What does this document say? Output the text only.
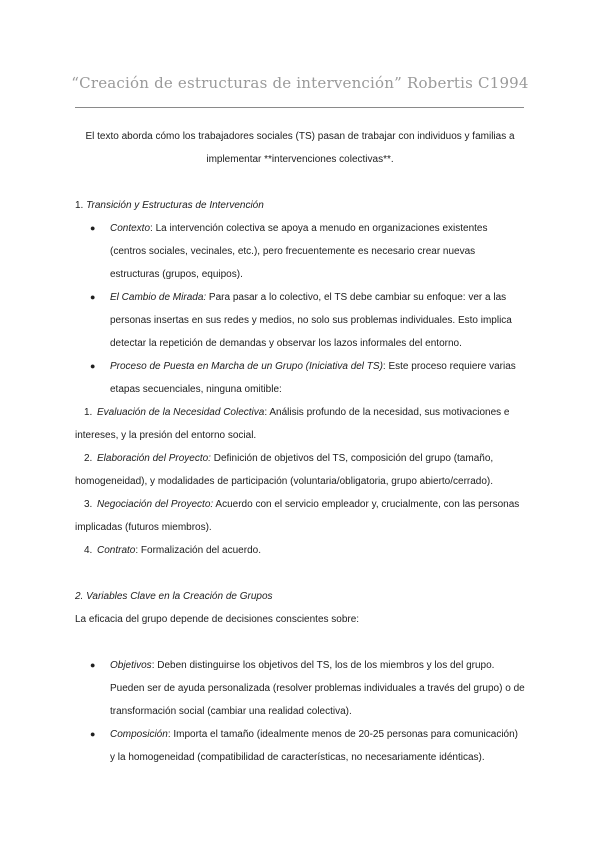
“Creación de estructuras de intervención” Robertis C1994
El texto aborda cómo los trabajadores sociales (TS) pasan de trabajar con individuos y familias a
implementar **intervenciones colectivas**.
1. Transición y Estructuras de Intervención
● Contexto: La intervención colectiva se apoya a menudo en organizaciones existentes
(centros sociales, vecinales, etc.), pero frecuentemente es necesario crear nuevas
estructuras (grupos, equipos).
● El Cambio de Mirada: Para pasar a lo colectivo, el TS debe cambiar su enfoque: ver a las
personas insertas en sus redes y medios, no solo sus problemas individuales. Esto implica
detectar la repetición de demandas y observar los lazos informales del entorno.
● Proceso de Puesta en Marcha de un Grupo (Iniciativa del TS): Este proceso requiere varias
etapas secuenciales, ninguna omitible:
1. Evaluación de la Necesidad Colectiva: Análisis profundo de la necesidad, sus motivaciones e
intereses, y la presión del entorno social.
2. Elaboración del Proyecto: Definición de objetivos del TS, composición del grupo (tamaño,
homogeneidad), y modalidades de participación (voluntaria/obligatoria, grupo abierto/cerrado).
3. Negociación del Proyecto: Acuerdo con el servicio empleador y, crucialmente, con las personas
implicadas (futuros miembros).
4. Contrato: Formalización del acuerdo.
2. Variables Clave en la Creación de Grupos
La eficacia del grupo depende de decisiones conscientes sobre:
● Objetivos: Deben distinguirse los objetivos del TS, los de los miembros y los del grupo.
Pueden ser de ayuda personalizada (resolver problemas individuales a través del grupo) o de
transformación social (cambiar una realidad colectiva).
● Composición: Importa el tamaño (idealmente menos de 20-25 personas para comunicación)
y la homogeneidad (compatibilidad de características, no necesariamente idénticas).
